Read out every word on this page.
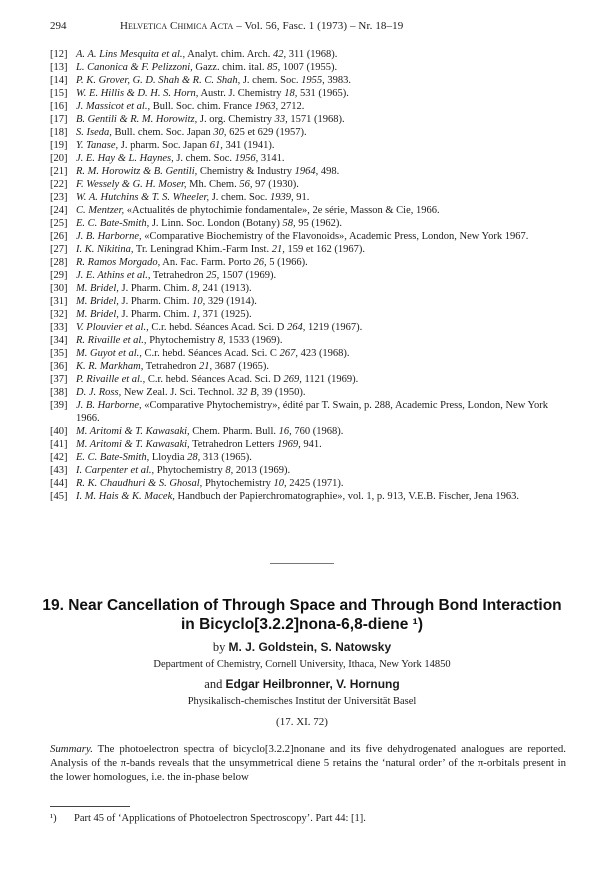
294	Helvetica Chimica Acta – Vol. 56, Fasc. 1 (1973) – Nr. 18–19
[12] A. A. Lins Mesquita et al., Analyt. chim. Arch. 42, 311 (1968).
[13] L. Canonica & F. Pelizzoni, Gazz. chim. ital. 85, 1007 (1955).
[14] P. K. Grover, G. D. Shah & R. C. Shah, J. chem. Soc. 1955, 3983.
[15] W. E. Hillis & D. H. S. Horn, Austr. J. Chemistry 18, 531 (1965).
[16] J. Massicot et al., Bull. Soc. chim. France 1963, 2712.
[17] B. Gentili & R. M. Horowitz, J. org. Chemistry 33, 1571 (1968).
[18] S. Iseda, Bull. chem. Soc. Japan 30, 625 et 629 (1957).
[19] Y. Tanase, J. pharm. Soc. Japan 61, 341 (1941).
[20] J. E. Hay & L. Haynes, J. chem. Soc. 1956, 3141.
[21] R. M. Horowitz & B. Gentili, Chemistry & Industry 1964, 498.
[22] F. Wessely & G. H. Moser, Mh. Chem. 56, 97 (1930).
[23] W. A. Hutchins & T. S. Wheeler, J. chem. Soc. 1939, 91.
[24] C. Mentzer, «Actualités de phytochimie fondamentale», 2e série, Masson & Cie, 1966.
[25] E. C. Bate-Smith, J. Linn. Soc. London (Botany) 58, 95 (1962).
[26] J. B. Harborne, «Comparative Biochemistry of the Flavonoids», Academic Press, London, New York 1967.
[27] I. K. Nikitina, Tr. Leningrad Khim.-Farm Inst. 21, 159 et 162 (1967).
[28] R. Ramos Morgado, An. Fac. Farm. Porto 26, 5 (1966).
[29] J. E. Athins et al., Tetrahedron 25, 1507 (1969).
[30] M. Bridel, J. Pharm. Chim. 8, 241 (1913).
[31] M. Bridel, J. Pharm. Chim. 10, 329 (1914).
[32] M. Bridel, J. Pharm. Chim. 1, 371 (1925).
[33] V. Plouvier et al., C.r. hebd. Séances Acad. Sci. D 264, 1219 (1967).
[34] R. Rivaille et al., Phytochemistry 8, 1533 (1969).
[35] M. Guyot et al., C.r. hebd. Séances Acad. Sci. C 267, 423 (1968).
[36] K. R. Markham, Tetrahedron 21, 3687 (1965).
[37] P. Rivaille et al., C.r. hebd. Séances Acad. Sci. D 269, 1121 (1969).
[38] D. J. Ross, New Zeal. J. Sci. Technol. 32 B, 39 (1950).
[39] J. B. Harborne, «Comparative Phytochemistry», édité par T. Swain, p. 288, Academic Press, London, New York 1966.
[40] M. Aritomi & T. Kawasaki, Chem. Pharm. Bull. 16, 760 (1968).
[41] M. Aritomi & T. Kawasaki, Tetrahedron Letters 1969, 941.
[42] E. C. Bate-Smith, Lloydia 28, 313 (1965).
[43] I. Carpenter et al., Phytochemistry 8, 2013 (1969).
[44] R. K. Chaudhuri & S. Ghosal, Phytochemistry 10, 2425 (1971).
[45] I. M. Hais & K. Macek, Handbuch der Papierchromatographie», vol. 1, p. 913, V.E.B. Fischer, Jena 1963.
19. Near Cancellation of Through Space and Through Bond Interaction
in Bicyclo[3.2.2]nona-6,8-diene ¹)
by M. J. Goldstein, S. Natowsky
Department of Chemistry, Cornell University, Ithaca, New York 14850
and Edgar Heilbronner, V. Hornung
Physikalisch-chemisches Institut der Universität Basel
(17. XI. 72)
Summary. The photoelectron spectra of bicyclo[3.2.2]nonane and its five dehydrogenated analogues are reported. Analysis of the π-bands reveals that the unsymmetrical diene 5 retains the ‘natural order’ of the π-orbitals present in the lower homologues, i.e. the in-phase below
¹) Part 45 of ‘Applications of Photoelectron Spectroscopy’. Part 44: [1].
